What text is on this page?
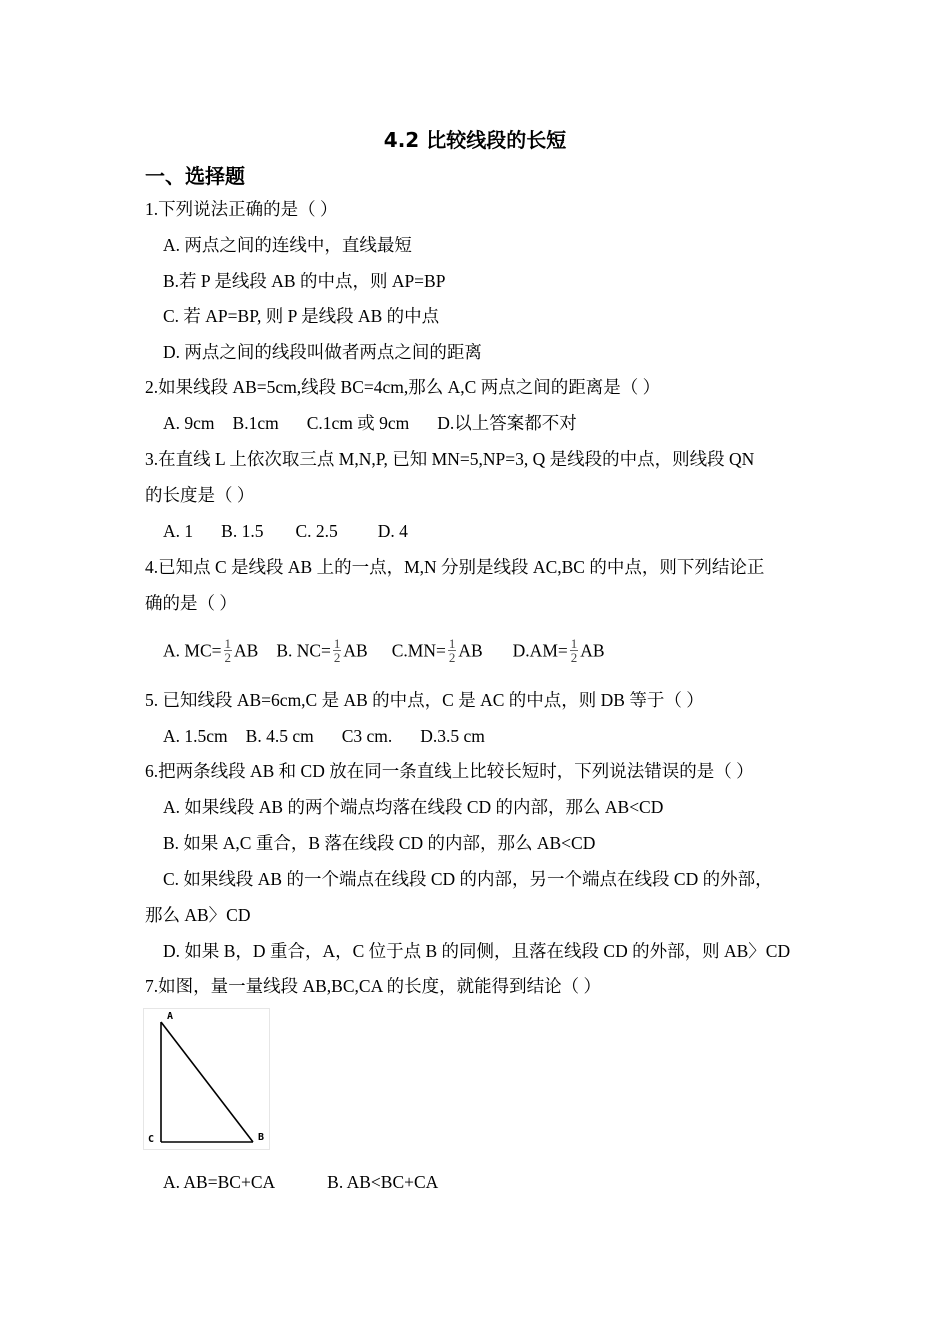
4.2 比较线段的长短
一、选择题
1.下列说法正确的是（ ）
A. 两点之间的连线中，直线最短
B.若 P 是线段 AB 的中点，则 AP=BP
C. 若 AP=BP, 则 P 是线段 AB 的中点
D. 两点之间的线段叫做者两点之间的距离
2.如果线段 AB=5cm,线段 BC=4cm,那么 A,C 两点之间的距离是（ ）
A. 9cm B.1cm C.1cm 或 9cm D.以上答案都不对
3.在直线 L 上依次取三点 M,N,P, 已知 MN=5,NP=3, Q 是线段的中点，则线段 QN
的长度是（ ）
A. 1 B. 1.5 C. 2.5 D. 4
4.已知点 C 是线段 AB 上的一点，M,N 分别是线段 AC,BC 的中点，则下列结论正
确的是（ ）
A. $MC= \frac{1}{2}$ AB B. $NC= \frac{1}{2}$ AB $C.MN= \frac{1}{2}$ AB $D.AM= \frac{1}{2}$ AB
5. 已知线段 AB=6cm,C 是 AB 的中点，C 是 AC 的中点，则 DB 等于（ ）
A. 1.5cm B. 4.5 cm C3 cm. D.3.5 cm
6.把两条线段 AB 和 CD 放在同一条直线上比较长短时，下列说法错误的是（ ）
A. 如果线段 AB 的两个端点均落在线段 CD 的内部，那么 AB<CD
B. 如果 A,C 重合，B 落在线段 CD 的内部，那么 AB<CD
C. 如果线段 AB 的一个端点在线段 CD 的内部，另一个端点在线段 CD 的外部，
那么 AB〉CD
D. 如果 B，D 重合，A，C 位于点 B 的同侧，且落在线段 CD 的外部，则 AB〉CD
7.如图，量一量线段 AB,BC,CA 的长度，就能得到结论（ ）
A
C	B
A. AB=BC+CA	B. AB<BC+CA
